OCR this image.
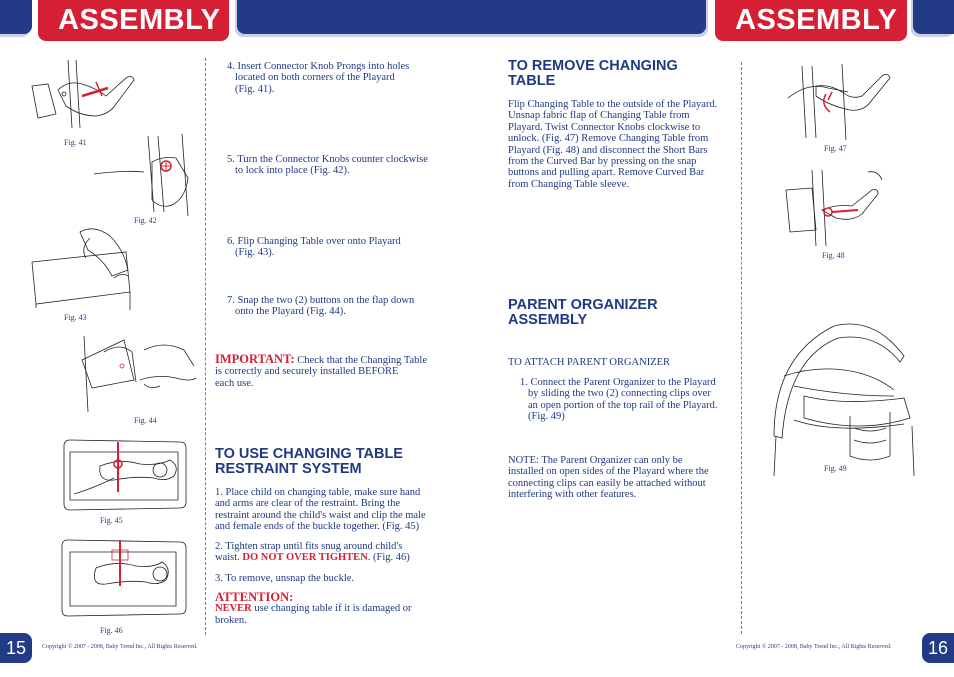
ASSEMBLY	ASSEMBLY
Fig. 41
Fig. 42
Fig. 43
Fig. 44
Fig. 45
Fig. 46
Fig. 47
Fig. 48
Fig. 49
4. Insert Connector Knob Prongs into holes
located on both corners of the Playard
(Fig. 41).
5. Turn the Connector Knobs counter clockwise
to lock into place (Fig. 42).
6. Flip Changing Table over onto Playard
(Fig. 43).
7. Snap the two (2) buttons on the flap down
onto the Playard (Fig. 44).
IMPORTANT: Check that the Changing Table
is correctly and securely installed BEFORE
each use.
TO USE CHANGING TABLE
RESTRAINT SYSTEM
1. Place child on changing table, make sure hand
and arms are clear of the restraint. Bring the
restraint around the child's waist and clip the male
and female ends of the buckle together. (Fig. 45)
2. Tighten strap until fits snug around child's
waist. DO NOT OVER TIGHTEN. (Fig. 46)
3. To remove, unsnap the buckle.
ATTENTION:
NEVER use changing table if it is damaged or
broken.
TO REMOVE CHANGING
TABLE
Flip Changing Table to the outside of the Playard.
Unsnap fabric flap of Changing Table from
Playard. Twist Connector Knobs clockwise to
unlock. (Fig. 47) Remove Changing Table from
Playard (Fig. 48) and disconnect the Short Bars
from the Curved Bar by pressing on the snap
buttons and pulling apart. Remove Curved Bar
from Changing Table sleeve.
PARENT ORGANIZER
ASSEMBLY
TO ATTACH PARENT ORGANIZER
1. Connect the Parent Organizer to the Playard
by sliding the two (2) connecting clips over
an open portion of the top rail of the Playard.
(Fig. 49)
NOTE: The Parent Organizer can only be
installed on open sides of the Playard where the
connecting clips can easily be attached without
interfering with other features.
15	16
Copyright © 2007 - 2008, Baby Trend Inc., All Rights Reserved.	Copyright © 2007 - 2008, Baby Trend Inc., All Rights Reserved.
